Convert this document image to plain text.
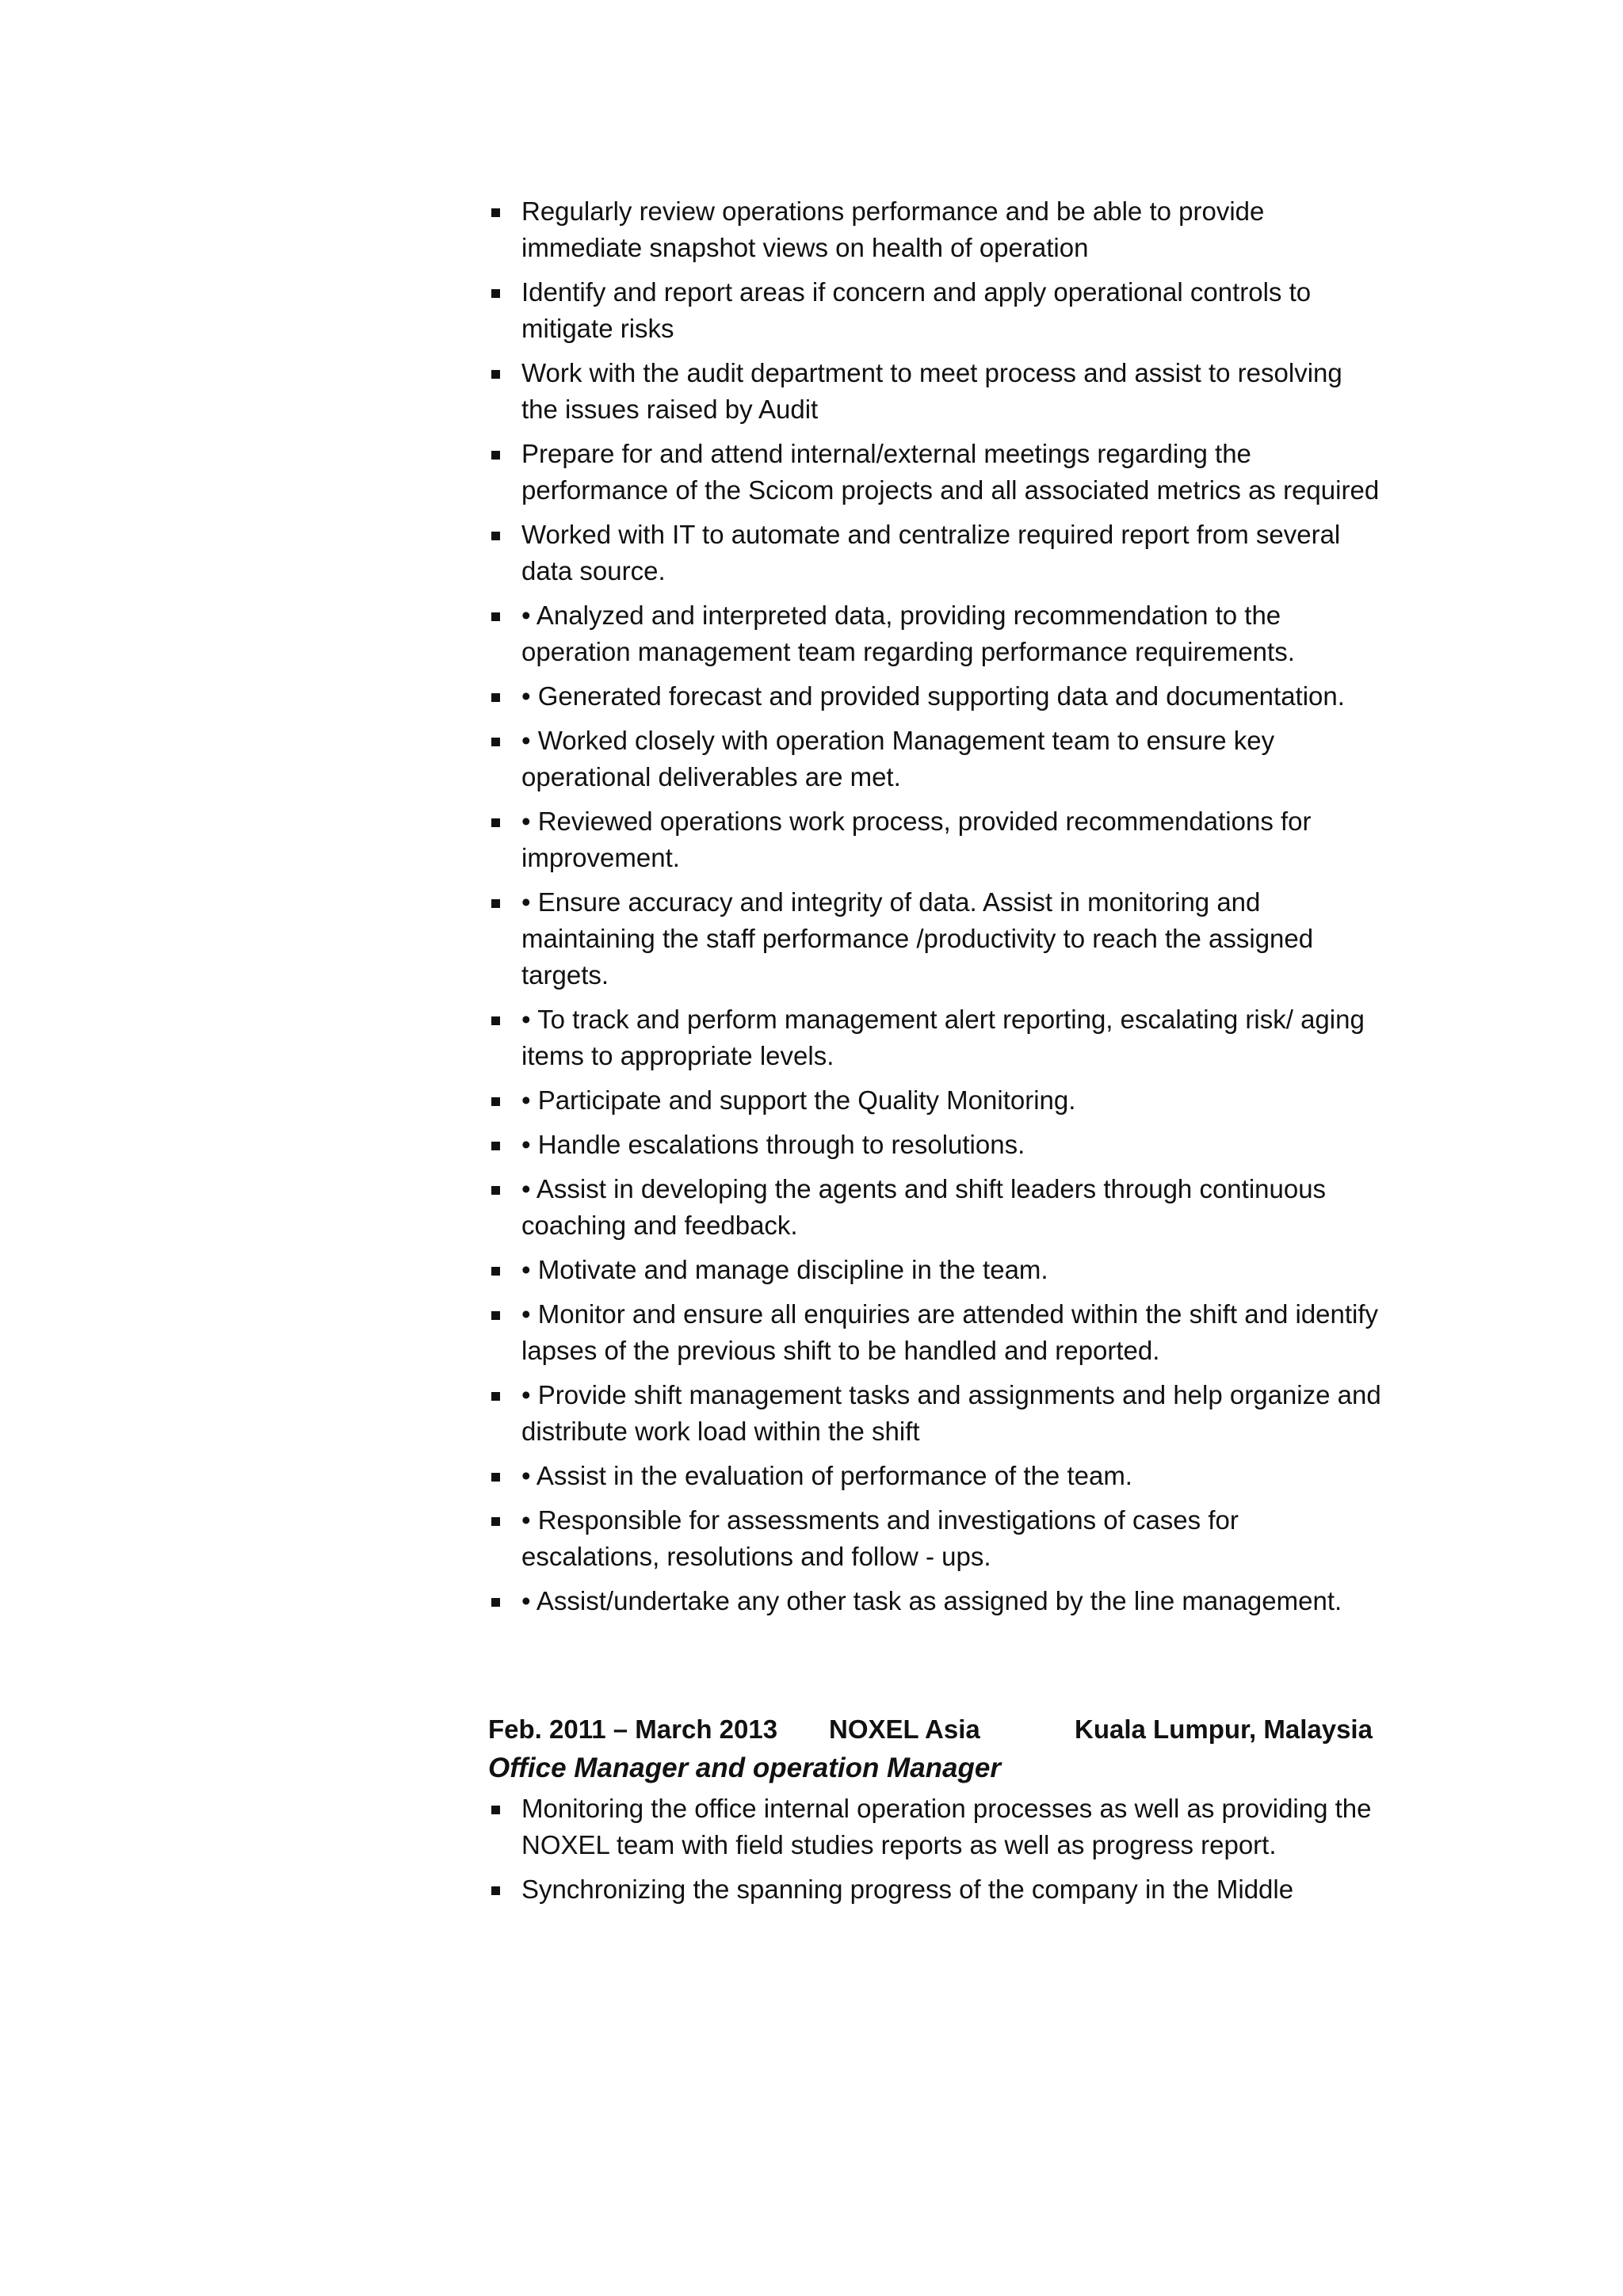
Regularly review operations performance and be able to provide immediate snapshot views on health of operation
Identify and report areas if concern and apply operational controls to mitigate risks
Work with the audit department to meet process and assist to resolving the issues raised by Audit
Prepare for and attend internal/external meetings regarding the performance of the Scicom projects and all associated metrics as required
Worked with IT to automate and centralize required report from several data source.
• Analyzed and interpreted data, providing recommendation to the operation management team regarding performance requirements.
• Generated forecast and provided supporting data and documentation.
• Worked closely with operation Management team to ensure key operational deliverables are met.
• Reviewed operations work process, provided recommendations for improvement.
• Ensure accuracy and integrity of data. Assist in monitoring and maintaining the staff performance /productivity to reach the assigned targets.
• To track and perform management alert reporting, escalating risk/ aging items to appropriate levels.
• Participate and support the Quality Monitoring.
• Handle escalations through to resolutions.
• Assist in developing the agents and shift leaders through continuous coaching and feedback.
• Motivate and manage discipline in the team.
• Monitor and ensure all enquiries are attended within the shift and identify lapses of the previous shift to be handled and reported.
• Provide shift management tasks and assignments and help organize and distribute work load within the shift
• Assist in the evaluation of performance of the team.
• Responsible for assessments and investigations of cases for escalations, resolutions and follow - ups.
• Assist/undertake any other task as assigned by the line management.
Feb. 2011 – March 2013	NOXEL Asia	Kuala Lumpur, Malaysia
Office Manager and operation Manager
Monitoring the office internal operation processes as well as providing the NOXEL team with field studies reports as well as progress report.
Synchronizing the spanning progress of the company in the Middle
